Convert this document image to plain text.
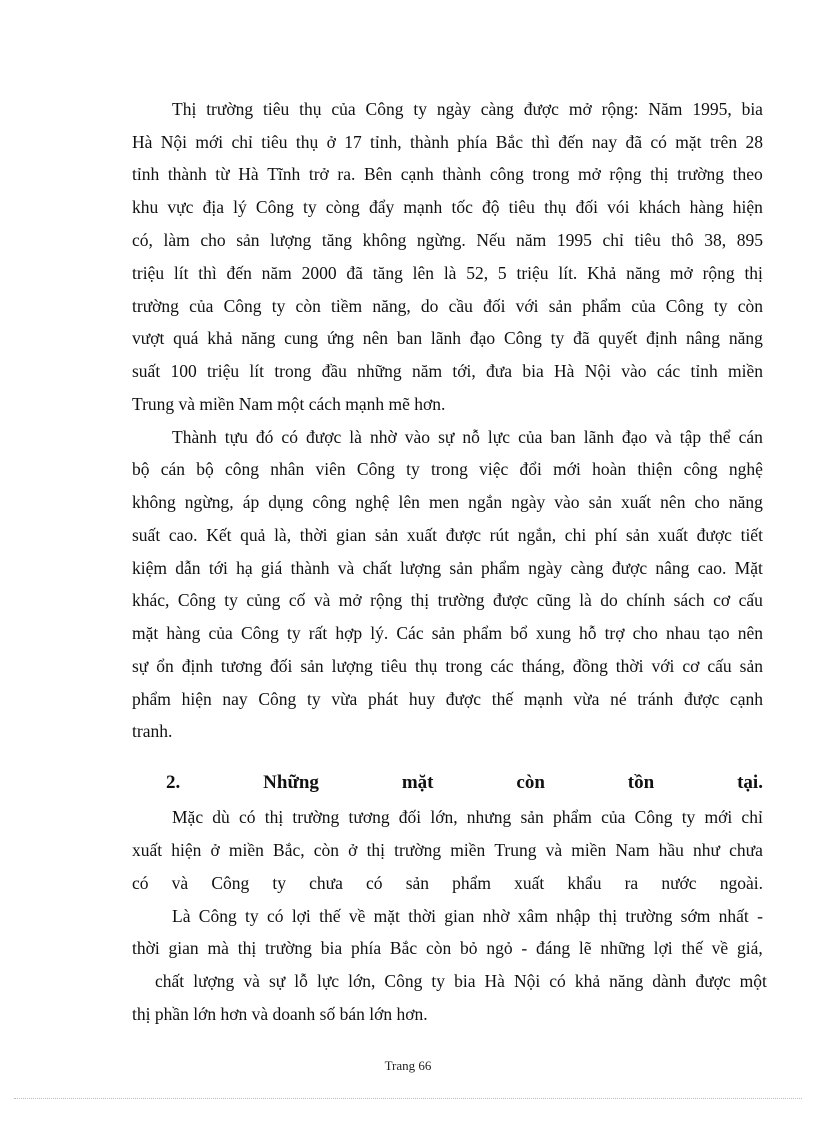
Thị trường tiêu thụ của Công ty ngày càng được mở rộng: Năm 1995, bia
Hà Nội mới chỉ tiêu thụ ở 17 tỉnh, thành phía Bắc thì đến nay đã có mặt trên 28
tỉnh thành từ Hà Tĩnh trở ra. Bên cạnh thành công trong mở rộng thị trường theo
khu vực địa lý Công ty còng đẩy mạnh tốc độ tiêu thụ đối vói khách hàng hiện
có, làm cho sản lượng tăng không ngừng. Nếu năm 1995 chỉ tiêu thô 38, 895
triệu lít thì đến năm 2000 đã tăng lên là 52, 5 triệu lít. Khả năng mở rộng thị
trường của Công ty còn tiềm năng, do cầu đối với sản phẩm của Công ty còn
vượt quá khả năng cung ứng nên ban lãnh đạo Công ty đã quyết định nâng năng
suất 100 triệu lít trong đầu những năm tới, đưa bia Hà Nội vào các tỉnh miền
Trung và miền Nam một cách mạnh mẽ hơn.
Thành tựu đó có được là nhờ vào sự nỗ lực của ban lãnh đạo và tập thể cán
bộ cán bộ công nhân viên Công ty trong việc đổi mới hoàn thiện công nghệ
không ngừng, áp dụng công nghệ lên men ngắn ngày vào sản xuất nên cho năng
suất cao. Kết quả là, thời gian sản xuất được rút ngắn, chi phí sản xuất được tiết
kiệm dẫn tới hạ giá thành và chất lượng sản phẩm ngày càng được nâng cao. Mặt
khác, Công ty củng cố và mở rộng thị trường được cũng là do chính sách cơ cấu
mặt hàng của Công ty rất hợp lý. Các sản phẩm bổ xung hỗ trợ cho nhau tạo nên
sự ổn định tương đối sản lượng tiêu thụ trong các tháng, đồng thời với cơ cấu sản
phẩm hiện nay Công ty vừa phát huy được thế mạnh vừa né tránh được cạnh
tranh.
2.	Những	mặt	còn	tồn	tại.
Mặc dù có thị trường tương đối lớn, nhưng sản phẩm của Công ty mới chỉ
xuất hiện ở miền Bắc, còn ở thị trường miền Trung và miền Nam hầu như chưa
có và Công ty chưa có sản phẩm xuất khẩu ra nước ngoài.
Là Công ty có lợi thế về mặt thời gian nhờ xâm nhập thị trường sớm nhất -
thời gian mà thị trường bia phía Bắc còn bỏ ngỏ - đáng lẽ những lợi thế về giá,
chất lượng và sự lỗ lực lớn, Công ty bia Hà Nội có khả năng dành được một
thị phần lớn hơn và doanh số bán lớn hơn.
Trang 66
